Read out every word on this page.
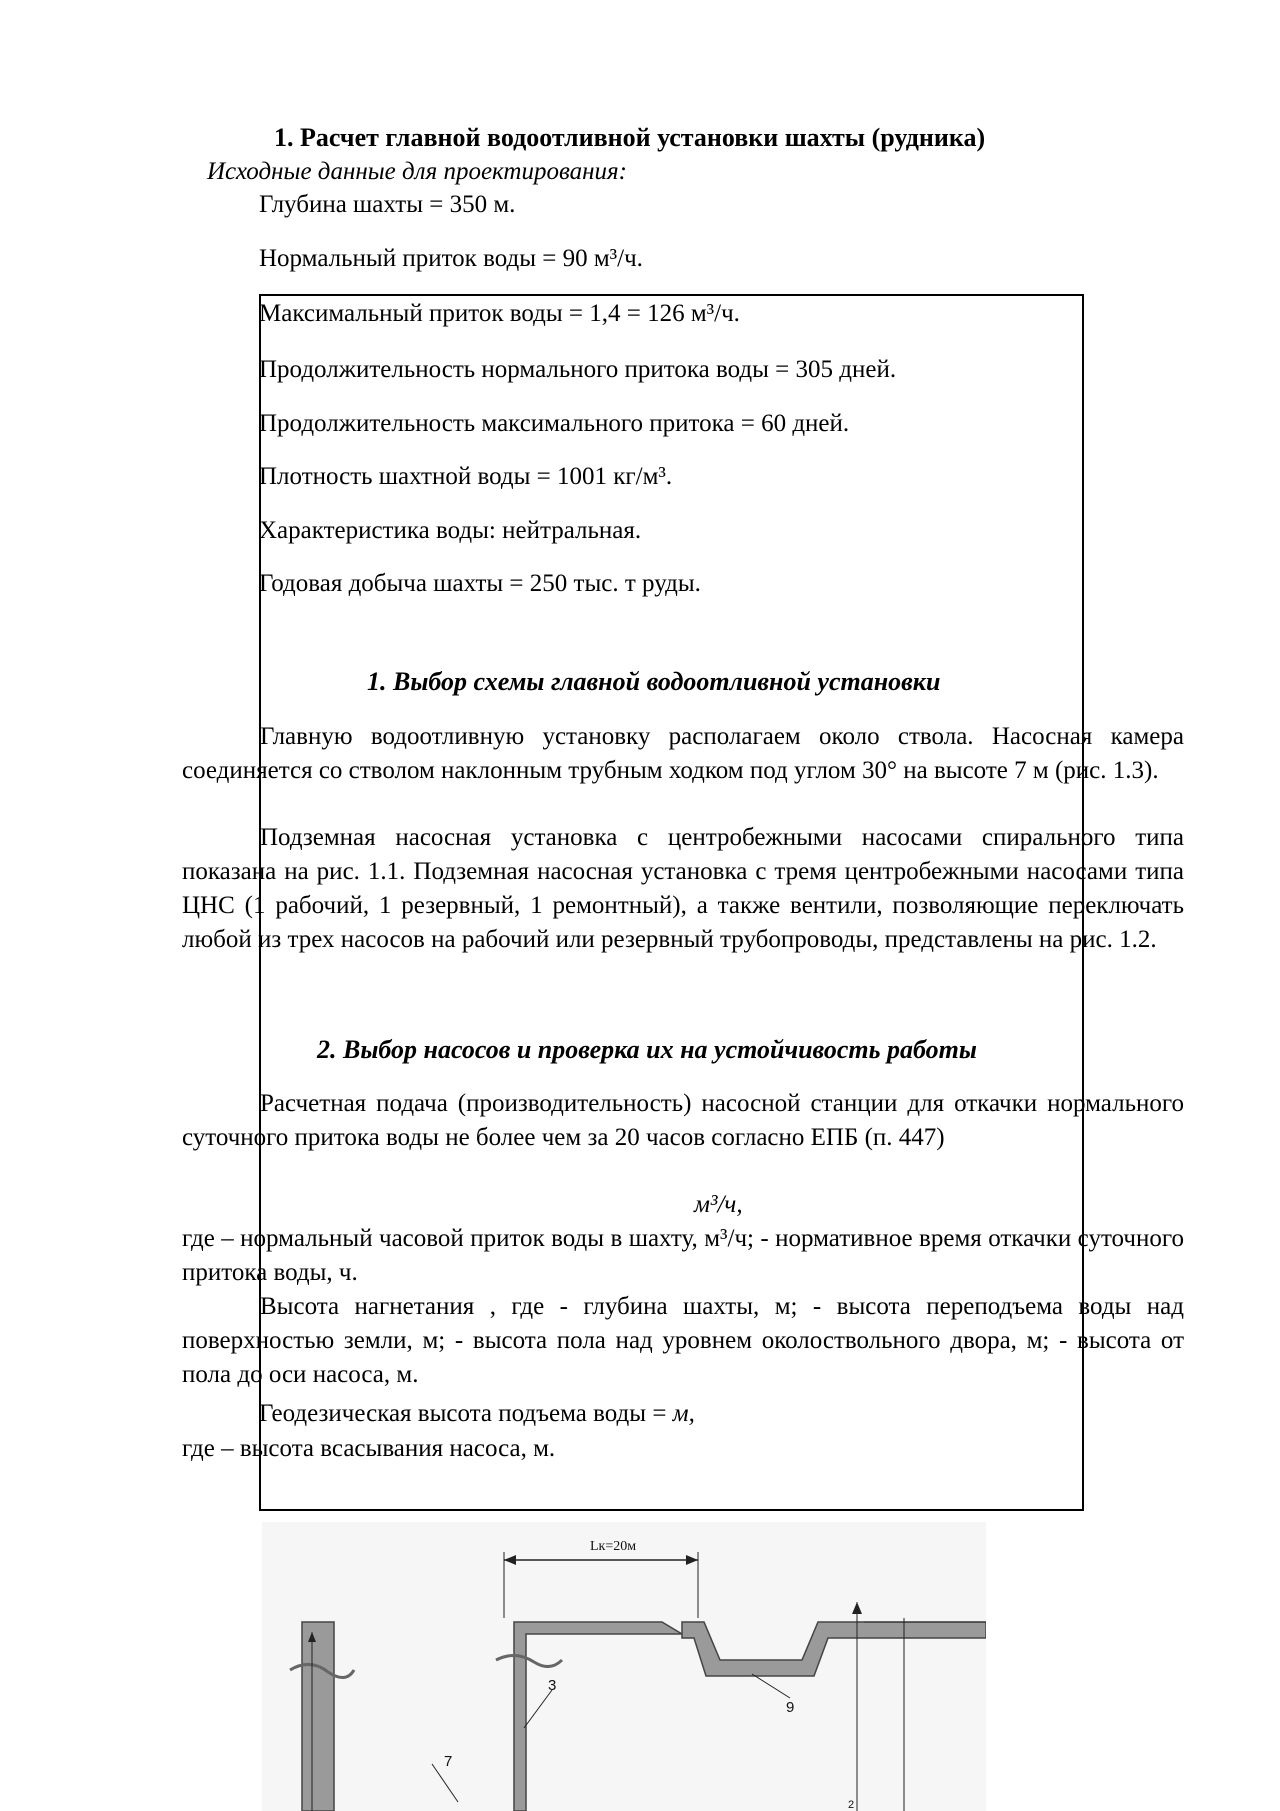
1. Расчет главной водоотливной установки шахты (рудника)
Исходные данные для проектирования:
Глубина шахты = 350 м.
Нормальный приток воды = 90 м³/ч.
Максимальный приток воды = 1,4 = 126 м³/ч.
Продолжительность нормального притока воды = 305 дней.
Продолжительность максимального притока = 60 дней.
Плотность шахтной воды = 1001 кг/м³.
Характеристика воды: нейтральная.
Годовая добыча шахты = 250 тыс. т руды.
1. Выбор схемы главной водоотливной установки
Главную водоотливную установку располагаем около ствола. Насосная камера соединяется со стволом наклонным трубным ходком под углом 30° на высоте 7 м (рис. 1.3).
Подземная насосная установка с центробежными насосами спирального типа показана на рис. 1.1. Подземная насосная установка с тремя центробежными насосами типа ЦНС (1 рабочий, 1 резервный, 1 ремонтный), а также вентили, позволяющие переключать любой из трех насосов на рабочий или резервный трубопроводы, представлены на рис. 1.2.
2. Выбор насосов и проверка их на устойчивость работы
Расчетная подача (производительность) насосной станции для откачки нормального суточного притока воды не более чем за 20 часов согласно ЕПБ (п. 447)
м³/ч,
где – нормальный часовой приток воды в шахту, м³/ч; - нормативное время откачки суточного притока воды, ч.
Высота нагнетания , где - глубина шахты, м; - высота переподъема воды над поверхностью земли, м; - высота пола над уровнем околоствольного двора, м; - высота от пола до оси насоса, м.
Геодезическая высота подъема воды = м,
где – высота всасывания насоса, м.
Lк=20м
9
3
7
2
